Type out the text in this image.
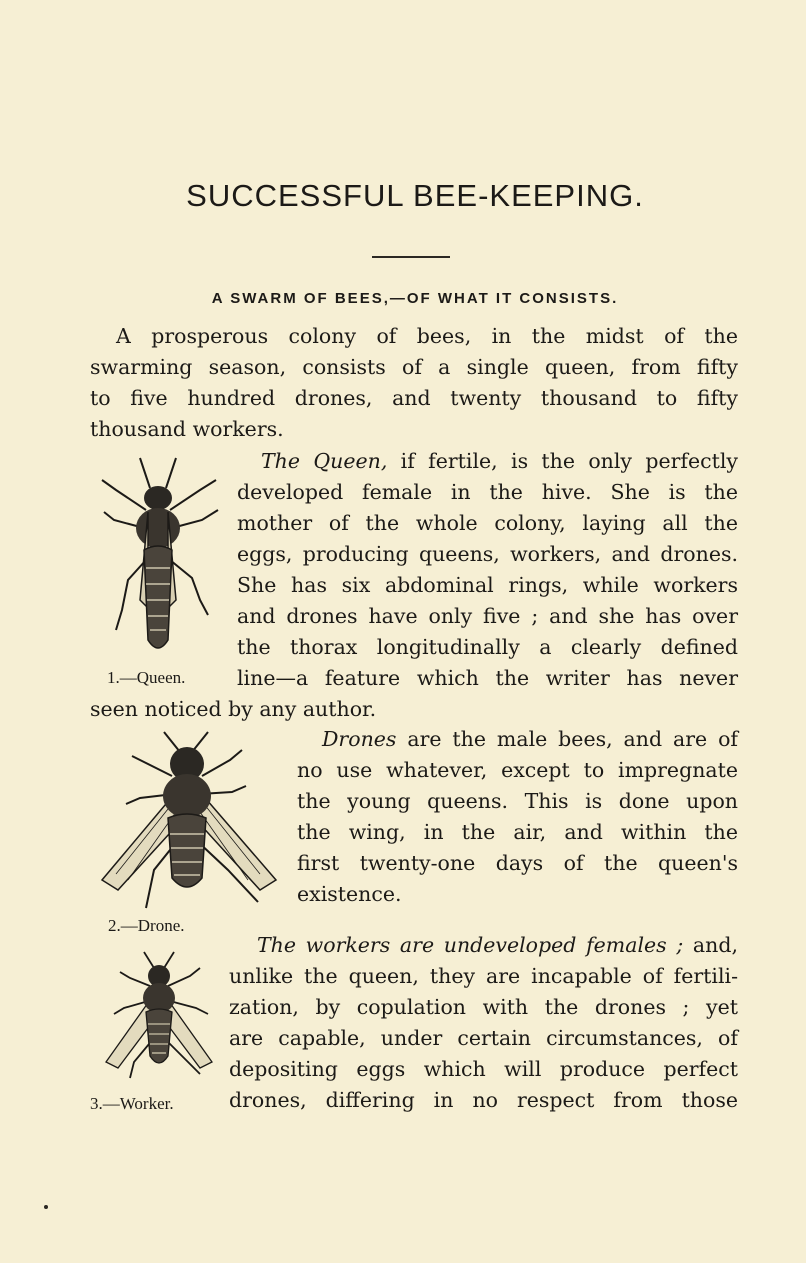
SUCCESSFUL BEE-KEEPING.
A SWARM OF BEES,—OF WHAT IT CONSISTS.
A prosperous colony of bees, in the midst of the
swarming season, consists of a single queen, from fifty
to five hundred drones, and twenty thousand to fifty
thousand workers.
1.—Queen.
The Queen, if fertile, is the only perfectly
developed female in the hive. She is the
mother of the whole colony, laying all the
eggs, producing queens, workers, and drones.
She has six abdominal rings, while workers
and drones have only five ; and she has over
the thorax longitudinally a clearly defined
line—a feature which the writer has never
seen noticed by any author.
2.—Drone.
Drones are the male bees, and are of
no use whatever, except to impregnate
the young queens. This is done upon
the wing, in the air, and within the
first twenty-one days of the queen's
existence.
3.—Worker.
The workers are undeveloped females ; and,
unlike the queen, they are incapable of fertili-
zation, by copulation with the drones ; yet
are capable, under certain circumstances, of
depositing eggs which will produce perfect
drones, differing in no respect from those
